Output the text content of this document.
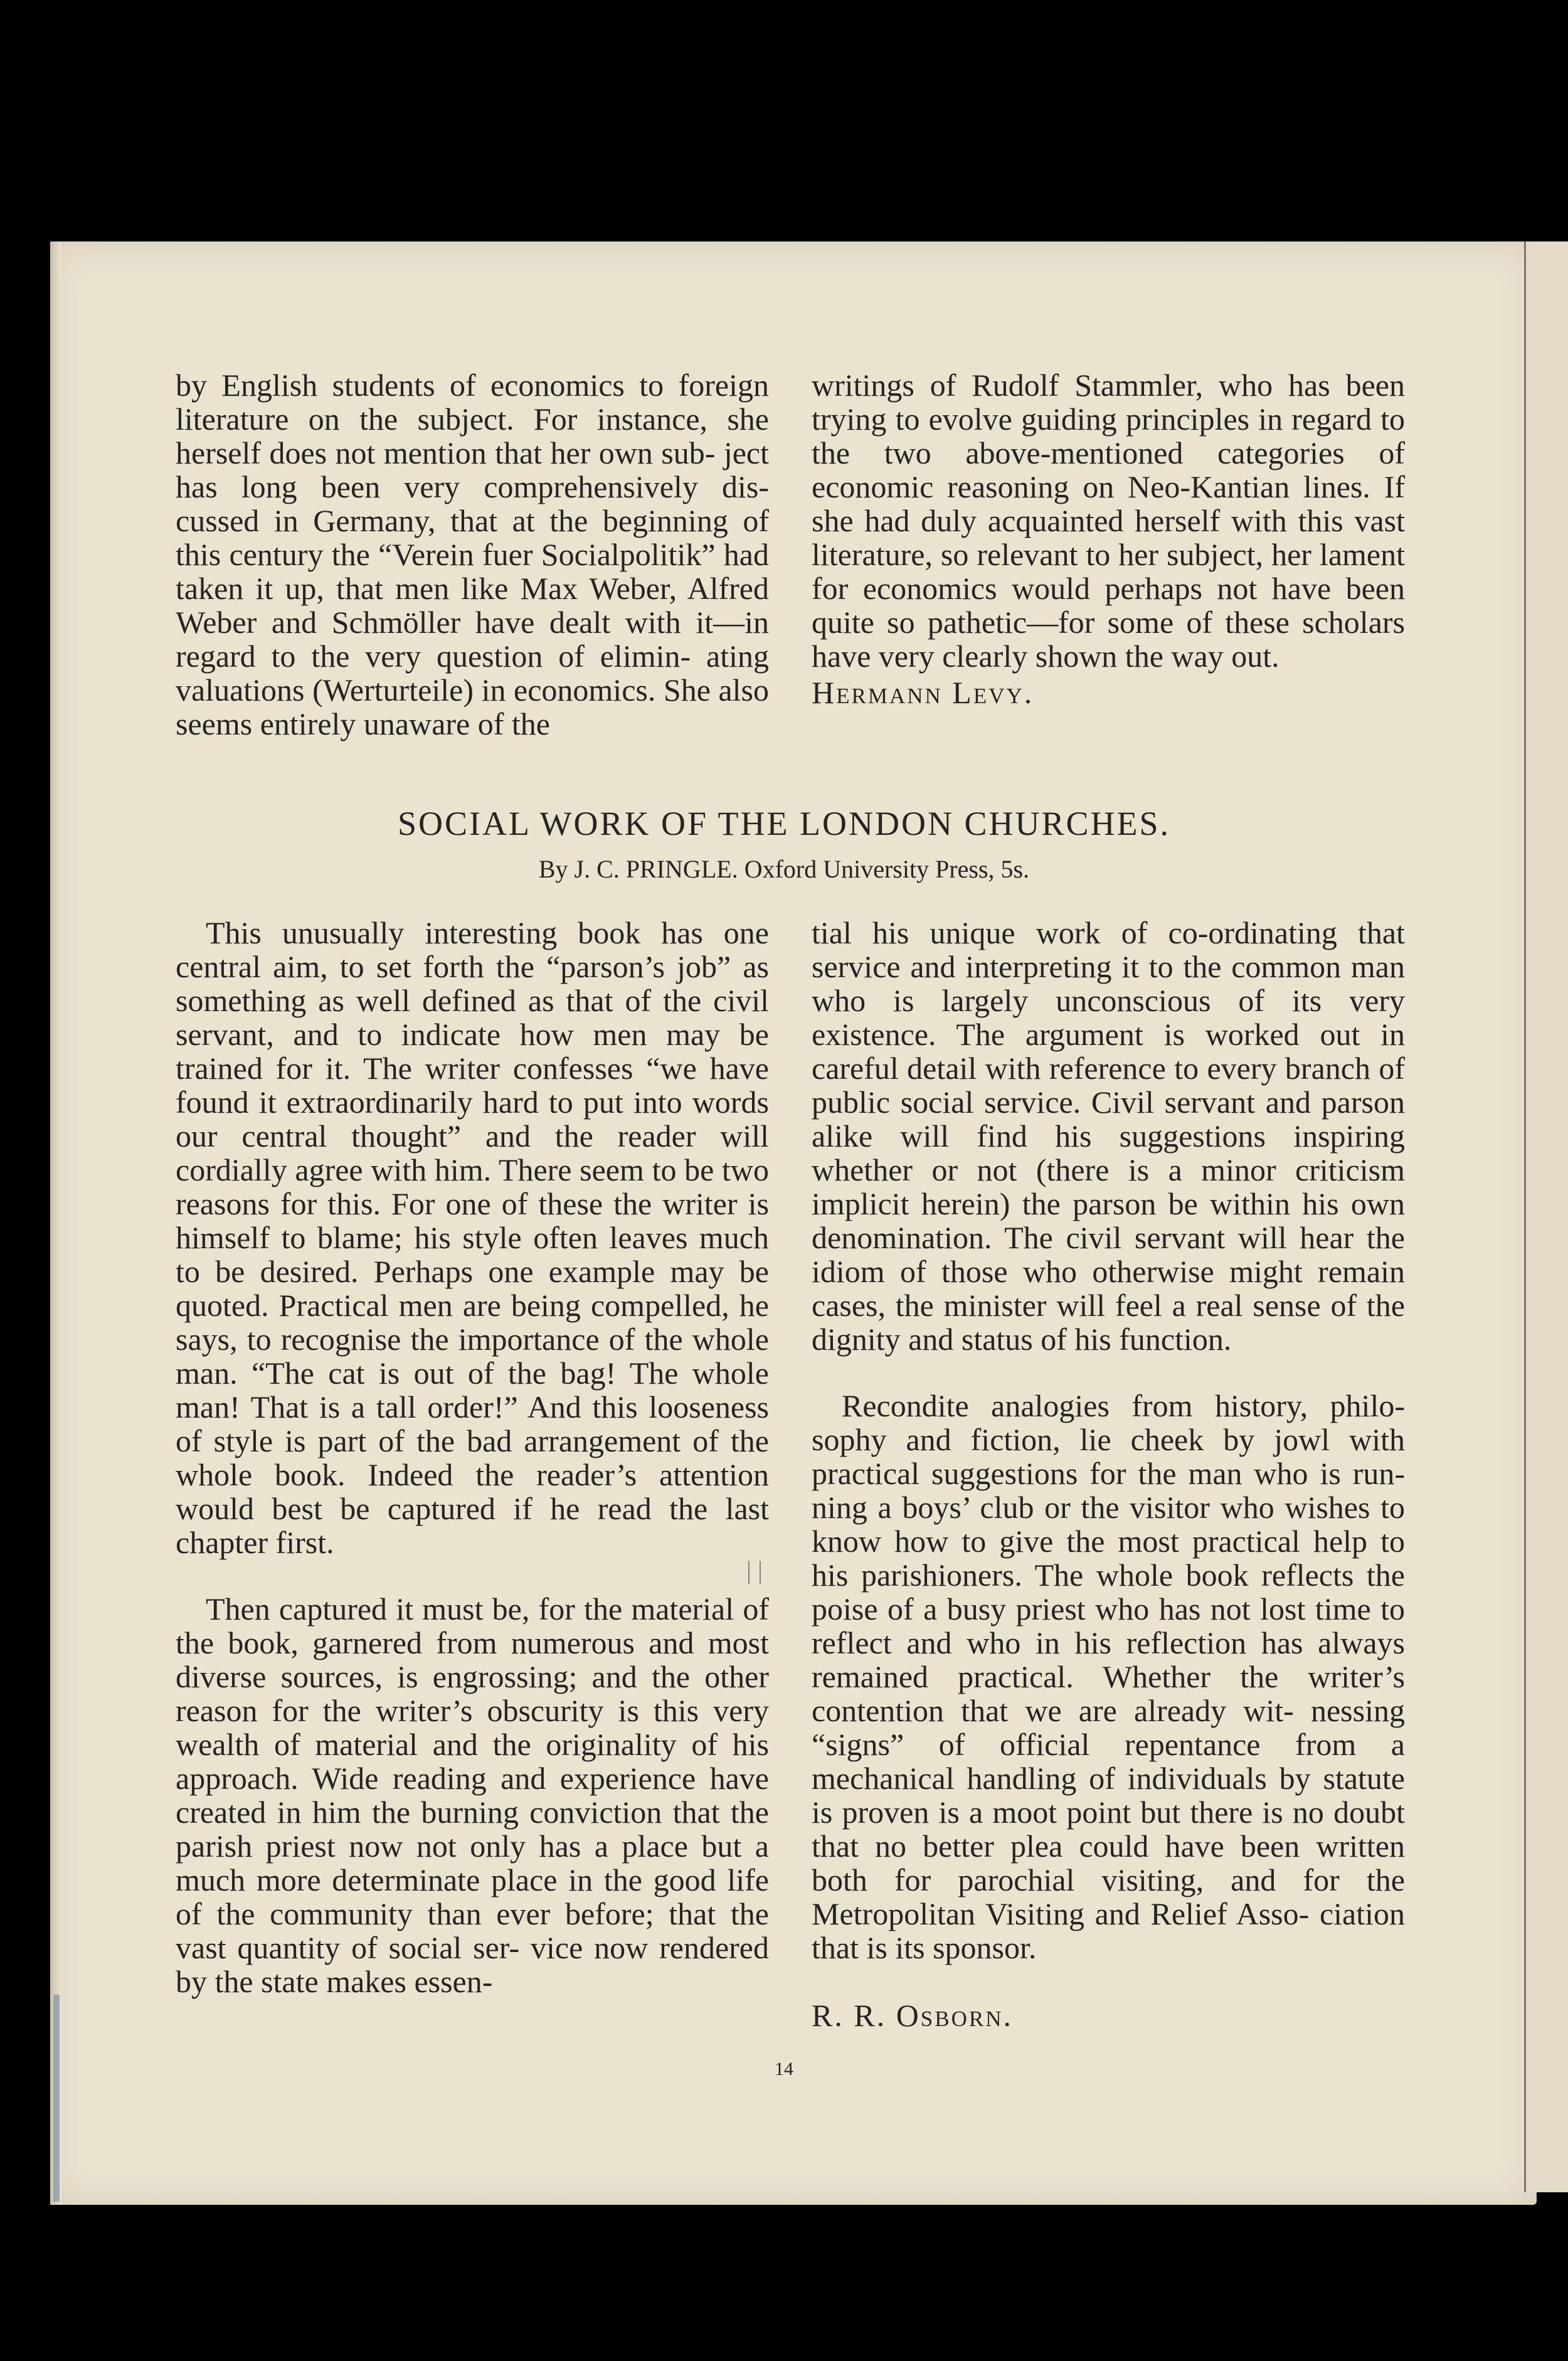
by English students of economics to foreign literature on the subject. For instance, she herself does not mention that her own sub- ject has long been very comprehensively dis- cussed in Germany, that at the beginning of this century the “Verein fuer Socialpolitik” had taken it up, that men like Max Weber, Alfred Weber and Schmöller have dealt with it—in regard to the very question of elimin- ating valuations (Werturteile) in economics. She also seems entirely unaware of the

writings of Rudolf Stammler, who has been trying to evolve guiding principles in regard to the two above-mentioned categories of economic reasoning on Neo-Kantian lines. If she had duly acquainted herself with this vast literature, so relevant to her subject, her lament for economics would perhaps not have been quite so pathetic—for some of these scholars have very clearly shown the way out.

Hermann Levy.

SOCIAL WORK OF THE LONDON CHURCHES.
By J. C. PRINGLE. Oxford University Press, 5s.

This unusually interesting book has one central aim, to set forth the “parson’s job” as something as well defined as that of the civil servant, and to indicate how men may be trained for it. The writer confesses “we have found it extraordinarily hard to put into words our central thought” and the reader will cordially agree with him. There seem to be two reasons for this. For one of these the writer is himself to blame; his style often leaves much to be desired. Perhaps one example may be quoted. Practical men are being compelled, he says, to recognise the importance of the whole man. “The cat is out of the bag! The whole man! That is a tall order!” And this looseness of style is part of the bad arrangement of the whole book. Indeed the reader’s attention would best be captured if he read the last chapter first.

Then captured it must be, for the material of the book, garnered from numerous and most diverse sources, is engrossing; and the other reason for the writer’s obscurity is this very wealth of material and the originality of his approach. Wide reading and experience have created in him the burning conviction that the parish priest now not only has a place but a much more determinate place in the good life of the community than ever before; that the vast quantity of social ser- vice now rendered by the state makes essen-

tial his unique work of co-ordinating that service and interpreting it to the common man who is largely unconscious of its very existence. The argument is worked out in careful detail with reference to every branch of public social service. Civil servant and parson alike will find his suggestions inspiring whether or not (there is a minor criticism implicit herein) the parson be within his own denomination. The civil servant will hear the idiom of those who otherwise might remain cases, the minister will feel a real sense of the dignity and status of his function.

Recondite analogies from history, philo- sophy and fiction, lie cheek by jowl with practical suggestions for the man who is run- ning a boys’ club or the visitor who wishes to know how to give the most practical help to his parishioners. The whole book reflects the poise of a busy priest who has not lost time to reflect and who in his reflection has always remained practical. Whether the writer’s contention that we are already wit- nessing “signs” of official repentance from a mechanical handling of individuals by statute is proven is a moot point but there is no doubt that no better plea could have been written both for parochial visiting, and for the Metropolitan Visiting and Relief Asso- ciation that is its sponsor.

R. R. Osborn.

| |
14
